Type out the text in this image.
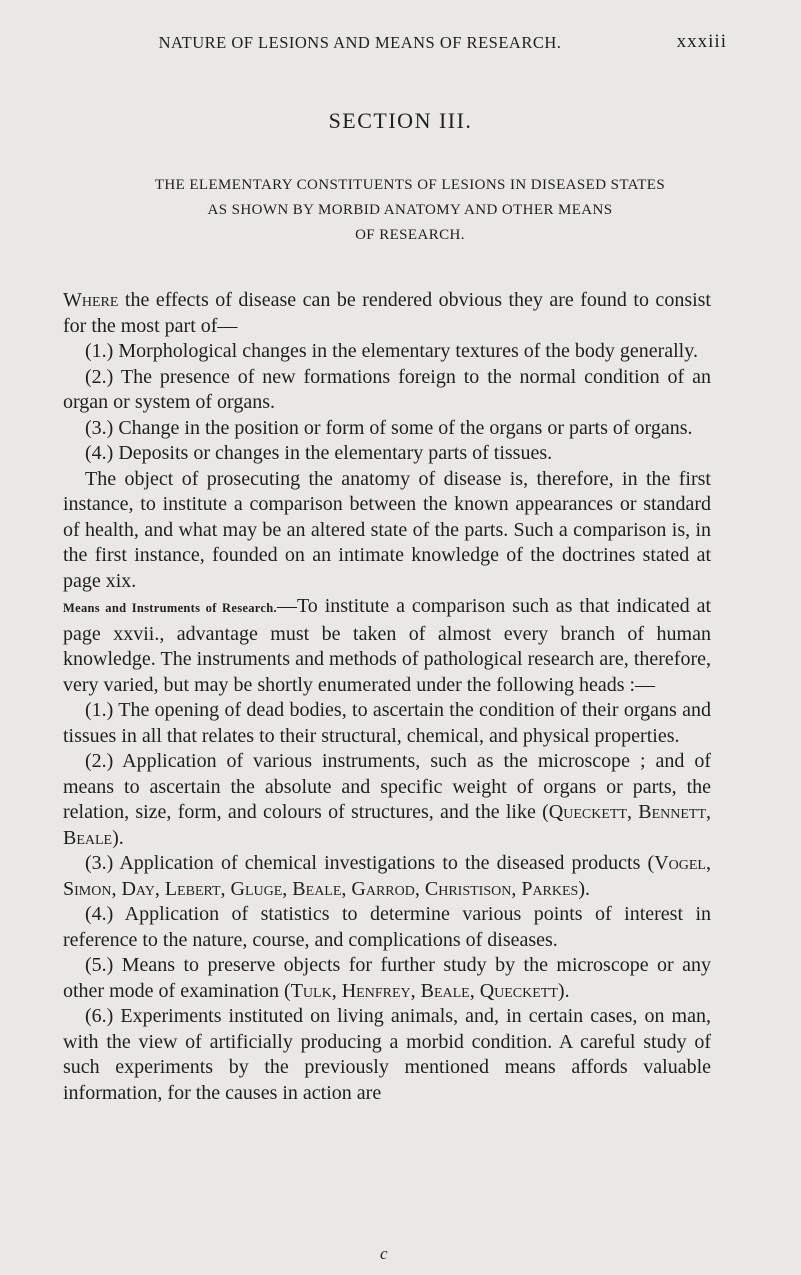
NATURE OF LESIONS AND MEANS OF RESEARCH.	xxxiii
SECTION III.
THE ELEMENTARY CONSTITUENTS OF LESIONS IN DISEASED STATES
AS SHOWN BY MORBID ANATOMY AND OTHER MEANS
OF RESEARCH.

Where the effects of disease can be rendered obvious they are found to consist for the most part of—

(1.) Morphological changes in the elementary textures of the body generally.

(2.) The presence of new formations foreign to the normal condition of an organ or system of organs.

(3.) Change in the position or form of some of the organs or parts of organs.

(4.) Deposits or changes in the elementary parts of tissues.

The object of prosecuting the anatomy of disease is, therefore, in the first instance, to institute a comparison between the known appearances or standard of health, and what may be an altered state of the parts. Such a comparison is, in the first instance, founded on an intimate knowledge of the doctrines stated at page xix.

Means and Instruments of Research.—To institute a comparison such as that indicated at page xxvii., advantage must be taken of almost every branch of human knowledge. The instruments and methods of pathological research are, therefore, very varied, but may be shortly enumerated under the following heads :—

(1.) The opening of dead bodies, to ascertain the condition of their organs and tissues in all that relates to their structural, chemical, and physical properties.

(2.) Application of various instruments, such as the microscope ; and of means to ascertain the absolute and specific weight of organs or parts, the relation, size, form, and colours of structures, and the like (Queckett, Bennett, Beale).

(3.) Application of chemical investigations to the diseased products (Vogel, Simon, Day, Lebert, Gluge, Beale, Garrod, Christison, Parkes).

(4.) Application of statistics to determine various points of interest in reference to the nature, course, and complications of diseases.

(5.) Means to preserve objects for further study by the microscope or any other mode of examination (Tulk, Henfrey, Beale, Queckett).

(6.) Experiments instituted on living animals, and, in certain cases, on man, with the view of artificially producing a morbid condition. A careful study of such experiments by the previously mentioned means affords valuable information, for the causes in action are

c
